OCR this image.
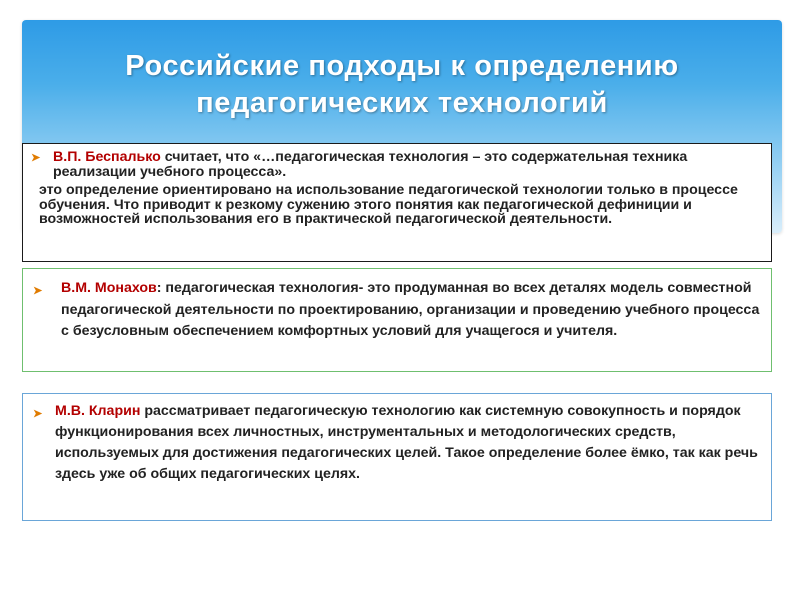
Российские подходы к определению
педагогических технологий
➤ В.П. Беспалько считает, что «…педагогическая технология – это содержательная техника реализации учебного процесса».
это определение ориентировано на использование педагогической технологии только в процессе обучения. Что приводит к резкому сужению этого понятия как педагогической дефиниции и возможностей использования его в практической педагогической деятельности.
➤	В.М. Монахов: педагогическая технология- это продуманная во всех деталях модель совместной педагогической деятельности по проектированию, организации и проведению учебного процесса с безусловным обеспечением комфортных условий для учащегося и учителя.
➤ М.В. Кларин рассматривает педагогическую технологию как системную совокупность и порядок функционирования всех личностных, инструментальных и методологических средств, используемых для достижения педагогических целей. Такое определение более ёмко, так как речь здесь уже об общих педагогических целях.
